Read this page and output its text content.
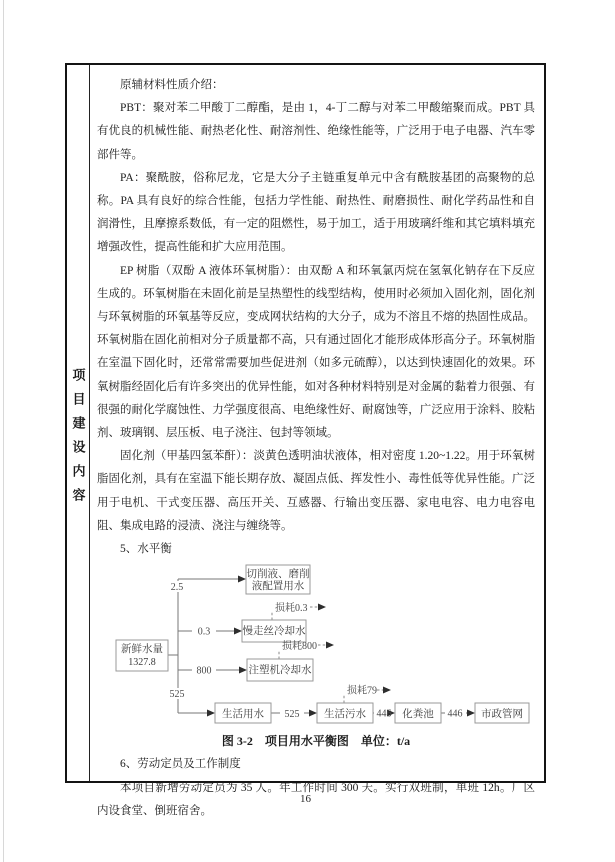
项目建设内容

原辅材料性质介绍：

PBT：聚对苯二甲酸丁二醇酯，是由 1，4-丁二醇与对苯二甲酸缩聚而成。PBT 具有优良的机械性能、耐热老化性、耐溶剂性、绝缘性能等，广泛用于电子电器、汽车零部件等。

PA：聚酰胺，俗称尼龙，它是大分子主链重复单元中含有酰胺基团的高聚物的总称。PA 具有良好的综合性能，包括力学性能、耐热性、耐磨损性、耐化学药品性和自润滑性，且摩擦系数低，有一定的阻燃性，易于加工，适于用玻璃纤维和其它填料填充增强改性，提高性能和扩大应用范围。

EP 树脂（双酚 A 液体环氧树脂）：由双酚 A 和环氧氯丙烷在氢氧化钠存在下反应生成的。环氧树脂在未固化前是呈热塑性的线型结构，使用时必须加入固化剂，固化剂与环氧树脂的环氧基等反应，变成网状结构的大分子，成为不溶且不熔的热固性成品。环氧树脂在固化前相对分子质量都不高，只有通过固化才能形成体形高分子。环氧树脂在室温下固化时，还常常需要加些促进剂（如多元硫醇），以达到快速固化的效果。环氧树脂经固化后有许多突出的优异性能，如对各种材料特别是对金属的黏着力很强、有很强的耐化学腐蚀性、力学强度很高、电绝缘性好、耐腐蚀等，广泛应用于涂料、胶粘剂、玻璃钢、层压板、电子浇注、包封等领域。

固化剂（甲基四氢苯酐）：淡黄色透明油状液体，相对密度 1.20~1.22。用于环氧树脂固化剂，具有在室温下能长期存放、凝固点低、挥发性小、毒性低等优异性能。广泛用于电机、干式变压器、高压开关、互感器、行输出变压器、家电电容、电力电容电阻、集成电路的浸渍、浇注与缠绕等。

5、水平衡

新鲜水量
1327.8
切削液、磨削
液配置用水
慢走丝冷却水
注塑机冷却水
生活用水	生活污水	化粪池	市政管网
2.5
0.3
800
525
525	446	446
损耗0.3
损耗800
损耗79

图 3-2　项目用水平衡图　单位：t/a

6、劳动定员及工作制度

本项目新增劳动定员为 35 人。年工作时间 300 天。实行双班制，单班 12h。厂区内设食堂、倒班宿舍。

16
